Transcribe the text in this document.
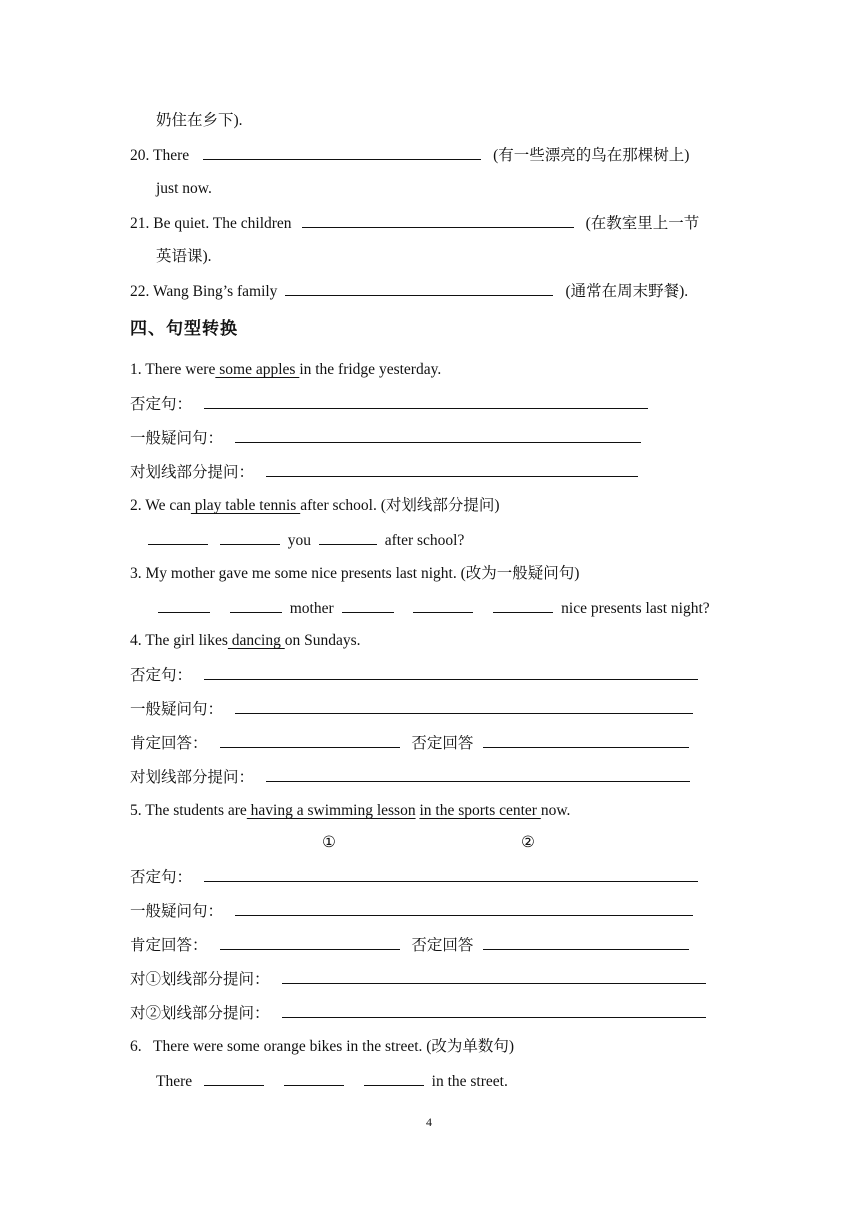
奶住在乡下).
20. There	(有一些漂亮的鸟在那棵树上)
just now.
21. Be quiet. The children	(在教室里上一节
英语课).
22. Wang Bing’s family	(通常在周末野餐).
四、句型转换
1. There were some apples in the fridge yesterday.
否定句：
一般疑问句：
对划线部分提问：
2. We can play table tennis after school. (对划线部分提问)
you	after school?
3. My mother gave me some nice presents last night. (改为一般疑问句)
mother	nice presents last night?
4. The girl likes dancing on Sundays.
否定句：
一般疑问句：
肯定回答：	否定回答
对划线部分提问：
5. The students are having a swimming lesson in the sports center now.
①	②
否定句：
一般疑问句：
肯定回答：	否定回答
对①划线部分提问：
对②划线部分提问：
6.   There were some orange bikes in the street. (改为单数句)
There	in the street.
4
